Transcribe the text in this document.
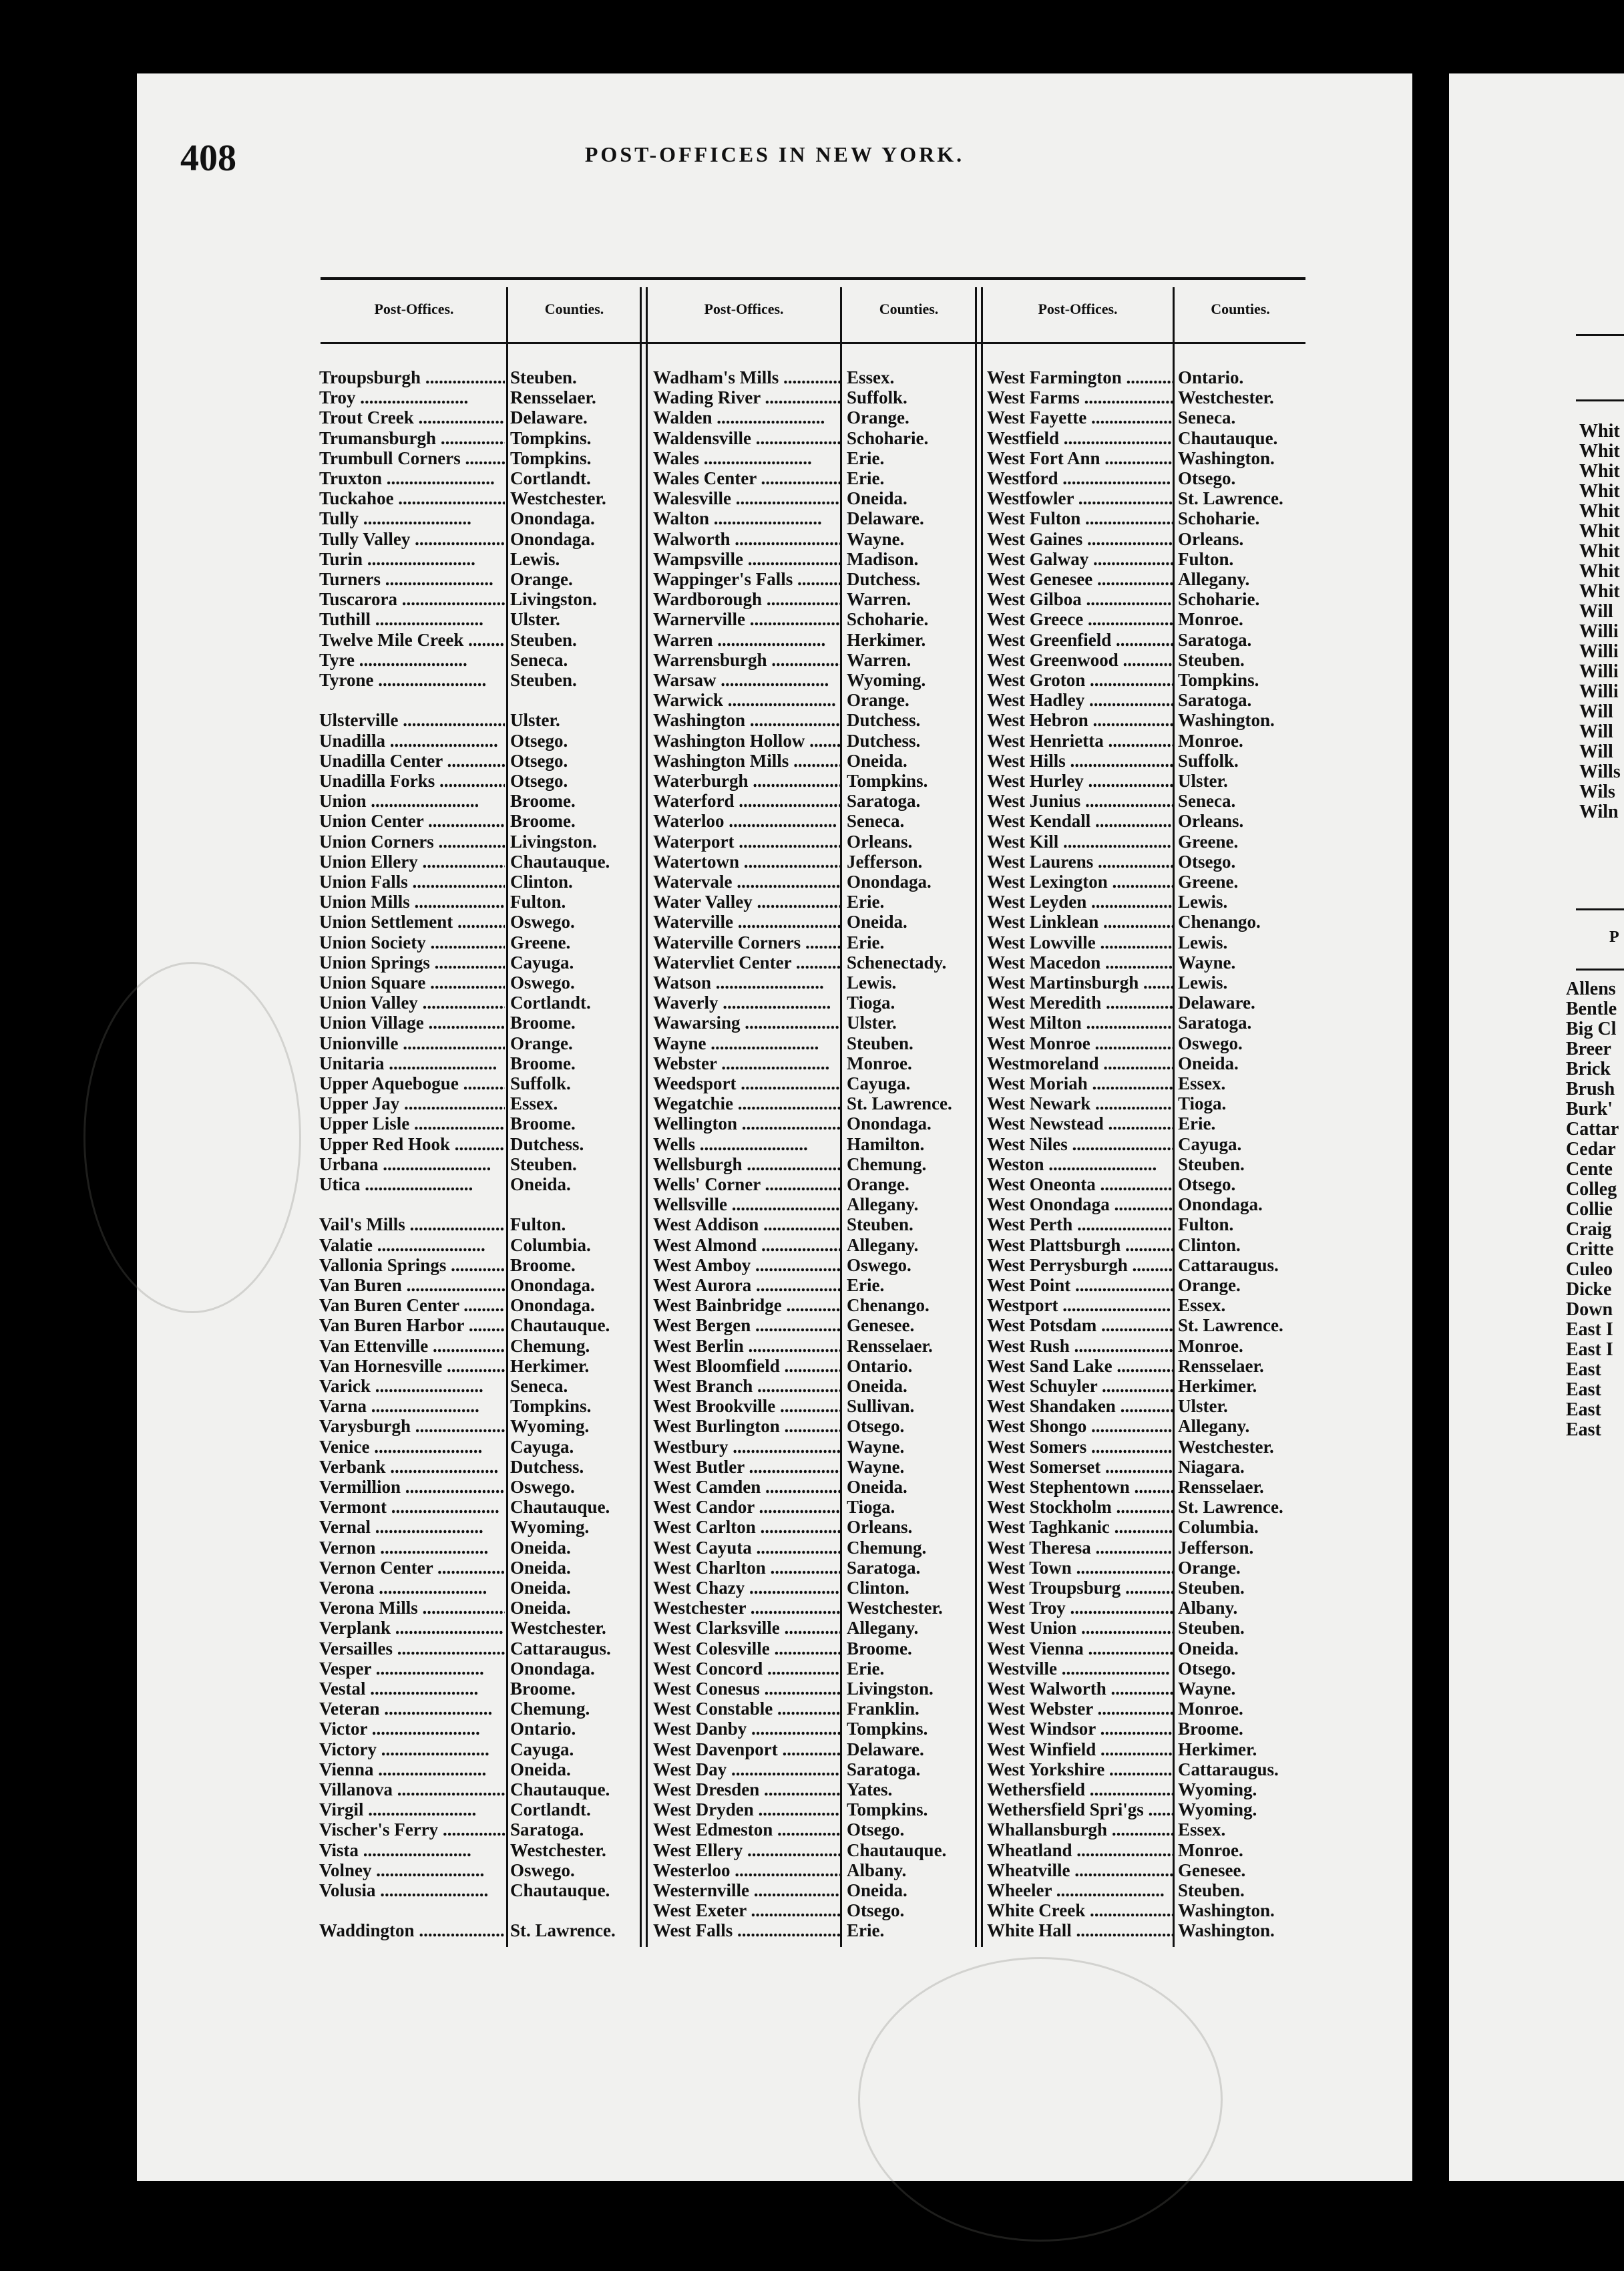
408	POST-OFFICES IN NEW YORK.
Post-Offices.	Counties.	Post-Offices.	Counties.	Post-Offices.	Counties.
Troupsburgh .....	Steuben.
Troy .....	Rensselaer.
Trout Creek .....	Delaware.
Trumansburgh .....	Tompkins.
Trumbull Corners .....	Tompkins.
Truxton .....	Cortlandt.
Tuckahoe .....	Westchester.
Tully .....	Onondaga.
Tully Valley .....	Onondaga.
Turin .....	Lewis.
Turners .....	Orange.
Tuscarora .....	Livingston.
Tuthill .....	Ulster.
Twelve Mile Creek .....	Steuben.
Tyre .....	Seneca.
Tyrone .....	Steuben.
Ulsterville .....	Ulster.
Unadilla .....	Otsego.
Unadilla Center .....	Otsego.
Unadilla Forks .....	Otsego.
Union .....	Broome.
Union Center .....	Broome.
Union Corners .....	Livingston.
Union Ellery .....	Chautauque.
Union Falls .....	Clinton.
Union Mills .....	Fulton.
Union Settlement .....	Oswego.
Union Society .....	Greene.
Union Springs .....	Cayuga.
Union Square .....	Oswego.
Union Valley .....	Cortlandt.
Union Village .....	Broome.
Unionville .....	Orange.
Unitaria .....	Broome.
Upper Aquebogue .....	Suffolk.
Upper Jay .....	Essex.
Upper Lisle .....	Broome.
Upper Red Hook .....	Dutchess.
Urbana .....	Steuben.
Utica .....	Oneida.
Vail's Mills .....	Fulton.
Valatie .....	Columbia.
Vallonia Springs .....	Broome.
Van Buren .....	Onondaga.
Van Buren Center .....	Onondaga.
Van Buren Harbor .....	Chautauque.
Van Ettenville .....	Chemung.
Van Hornesville .....	Herkimer.
Varick .....	Seneca.
Varna .....	Tompkins.
Varysburgh .....	Wyoming.
Venice .....	Cayuga.
Verbank .....	Dutchess.
Vermillion .....	Oswego.
Vermont .....	Chautauque.
Vernal .....	Wyoming.
Vernon .....	Oneida.
Vernon Center .....	Oneida.
Verona .....	Oneida.
Verona Mills .....	Oneida.
Verplank .....	Westchester.
Versailles .....	Cattaraugus.
Vesper .....	Onondaga.
Vestal .....	Broome.
Veteran .....	Chemung.
Victor .....	Ontario.
Victory .....	Cayuga.
Vienna .....	Oneida.
Villanova .....	Chautauque.
Virgil .....	Cortlandt.
Vischer's Ferry .....	Saratoga.
Vista .....	Westchester.
Volney .....	Oswego.
Volusia .....	Chautauque.
Waddington .....	St. Lawrence.
Wadham's Mills .....	Essex.
Wading River .....	Suffolk.
Walden .....	Orange.
Waldensville .....	Schoharie.
Wales .....	Erie.
Wales Center .....	Erie.
Walesville .....	Oneida.
Walton .....	Delaware.
Walworth .....	Wayne.
Wampsville .....	Madison.
Wappinger's Falls .....	Dutchess.
Wardborough .....	Warren.
Warnerville .....	Schoharie.
Warren .....	Herkimer.
Warrensburgh .....	Warren.
Warsaw .....	Wyoming.
Warwick .....	Orange.
Washington .....	Dutchess.
Washington Hollow .....	Dutchess.
Washington Mills .....	Oneida.
Waterburgh .....	Tompkins.
Waterford .....	Saratoga.
Waterloo .....	Seneca.
Waterport .....	Orleans.
Watertown .....	Jefferson.
Watervale .....	Onondaga.
Water Valley .....	Erie.
Waterville .....	Oneida.
Waterville Corners .....	Erie.
Watervliet Center .....	Schenectady.
Watson .....	Lewis.
Waverly .....	Tioga.
Wawarsing .....	Ulster.
Wayne .....	Steuben.
Webster .....	Monroe.
Weedsport .....	Cayuga.
Wegatchie .....	St. Lawrence.
Wellington .....	Onondaga.
Wells .....	Hamilton.
Wellsburgh .....	Chemung.
Wells' Corner .....	Orange.
Wellsville .....	Allegany.
West Addison .....	Steuben.
West Almond .....	Allegany.
West Amboy .....	Oswego.
West Aurora .....	Erie.
West Bainbridge .....	Chenango.
West Bergen .....	Genesee.
West Berlin .....	Rensselaer.
West Bloomfield .....	Ontario.
West Branch .....	Oneida.
West Brookville .....	Sullivan.
West Burlington .....	Otsego.
Westbury .....	Wayne.
West Butler .....	Wayne.
West Camden .....	Oneida.
West Candor .....	Tioga.
West Carlton .....	Orleans.
West Cayuta .....	Chemung.
West Charlton .....	Saratoga.
West Chazy .....	Clinton.
Westchester .....	Westchester.
West Clarksville .....	Allegany.
West Colesville .....	Broome.
West Concord .....	Erie.
West Conesus .....	Livingston.
West Constable .....	Franklin.
West Danby .....	Tompkins.
West Davenport .....	Delaware.
West Day .....	Saratoga.
West Dresden .....	Yates.
West Dryden .....	Tompkins.
West Edmeston .....	Otsego.
West Ellery .....	Chautauque.
Westerloo .....	Albany.
Westernville .....	Oneida.
West Exeter .....	Otsego.
West Falls .....	Erie.
West Farmington .....	Ontario.
West Farms .....	Westchester.
West Fayette .....	Seneca.
Westfield .....	Chautauque.
West Fort Ann .....	Washington.
Westford .....	Otsego.
Westfowler .....	St. Lawrence.
West Fulton .....	Schoharie.
West Gaines .....	Orleans.
West Galway .....	Fulton.
West Genesee .....	Allegany.
West Gilboa .....	Schoharie.
West Greece .....	Monroe.
West Greenfield .....	Saratoga.
West Greenwood .....	Steuben.
West Groton .....	Tompkins.
West Hadley .....	Saratoga.
West Hebron .....	Washington.
West Henrietta .....	Monroe.
West Hills .....	Suffolk.
West Hurley .....	Ulster.
West Junius .....	Seneca.
West Kendall .....	Orleans.
West Kill .....	Greene.
West Laurens .....	Otsego.
West Lexington .....	Greene.
West Leyden .....	Lewis.
West Linklean .....	Chenango.
West Lowville .....	Lewis.
West Macedon .....	Wayne.
West Martinsburgh .....	Lewis.
West Meredith .....	Delaware.
West Milton .....	Saratoga.
West Monroe .....	Oswego.
Westmoreland .....	Oneida.
West Moriah .....	Essex.
West Newark .....	Tioga.
West Newstead .....	Erie.
West Niles .....	Cayuga.
Weston .....	Steuben.
West Oneonta .....	Otsego.
West Onondaga .....	Onondaga.
West Perth .....	Fulton.
West Plattsburgh .....	Clinton.
West Perrysburgh .....	Cattaraugus.
West Point .....	Orange.
Westport .....	Essex.
West Potsdam .....	St. Lawrence.
West Rush .....	Monroe.
West Sand Lake .....	Rensselaer.
West Schuyler .....	Herkimer.
West Shandaken .....	Ulster.
West Shongo .....	Allegany.
West Somers .....	Westchester.
West Somerset .....	Niagara.
West Stephentown .....	Rensselaer.
West Stockholm .....	St. Lawrence.
West Taghkanic .....	Columbia.
West Theresa .....	Jefferson.
West Town .....	Orange.
West Troupsburg .....	Steuben.
West Troy .....	Albany.
West Union .....	Steuben.
West Vienna .....	Oneida.
Westville .....	Otsego.
West Walworth .....	Wayne.
West Webster .....	Monroe.
West Windsor .....	Broome.
West Winfield .....	Herkimer.
West Yorkshire .....	Cattaraugus.
Wethersfield .....	Wyoming.
Wethersfield Spri'gs .....	Wyoming.
Whallansburgh .....	Essex.
Wheatland .....	Monroe.
Wheatville .....	Genesee.
Wheeler .....	Steuben.
White Creek .....	Washington.
White Hall .....	Washington.
P
Whit
Whit
Whit
Whit
Whit
Whit
Whit
Whit
Whit
Will
Willi
Willi
Willi
Willi
Will
Will
Will
Wills
Wils
Wiln
Allens
Bentle
Big Cl
Breer
Brick
Brush
Burk'
Cattar
Cedar
Cente
Colleg
Collie
Craig
Critte
Culeo
Dicke
Down
East I
East I
East
East
East
East
